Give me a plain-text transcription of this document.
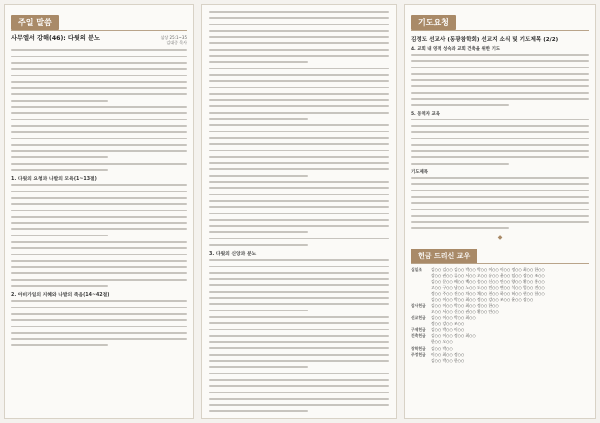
주일 말씀
사무엘서 강해(46): 다윗의 분노	삼상 25:1~35
김대중 목사
1. 다윗의 요청과 나발의 모욕(1~13절)
2. 아비가일의 지혜와 나발의 죽음(14~42절)
3. 다윗의 신앙과 분노
기도요청
김정도 선교사 (동광참학회) 선교지 소식 및 기도제목 (2/2)
4. 교회 내 영적 성숙과 교회 건축을 위한 기도
5. 동역자 교육
기도제목
◆
헌금 드리신 교우
십일조	김○○ 김○○ 김○○ 박○○ 박○○ 이○○ 이○○ 정○○ 최○○ 한○○
강○○ 권○○ 류○○ 서○○ 오○○ 유○○ 윤○○ 임○○ 장○○ 조○○
김○○ 문○○ 배○○ 백○○ 송○○ 신○○ 안○○ 양○○ 황○○ 홍○○
고○○ 구○○ 남○○ 노○○ 도○○ 민○○ 변○○ 석○○ 엄○○ 전○○
정○○ 주○○ 진○○ 차○○ 채○○ 천○○ 하○○ 허○○ 현○○ 함○○
김○○ 이○○ 박○○ 최○○ 정○○ 강○○ 조○○ 윤○○ 장○○
감사헌금	김○○ 이○○ 박○○ 최○○ 정○○ 한○○
오○○ 서○○ 신○○ 권○○ 황○○ 안○○
선교헌금	김○○ 이○○ 박○○ 최○○
정○○ 강○○ 조○○
구제헌금	김○○ 박○○ 이○○
건축헌금	김○○ 이○○ 정○○ 최○○
한○○ 오○○
장학헌금	김○○ 박○○
주정헌금	이○○ 최○○ 정○○
김○○ 박○○ 한○○
